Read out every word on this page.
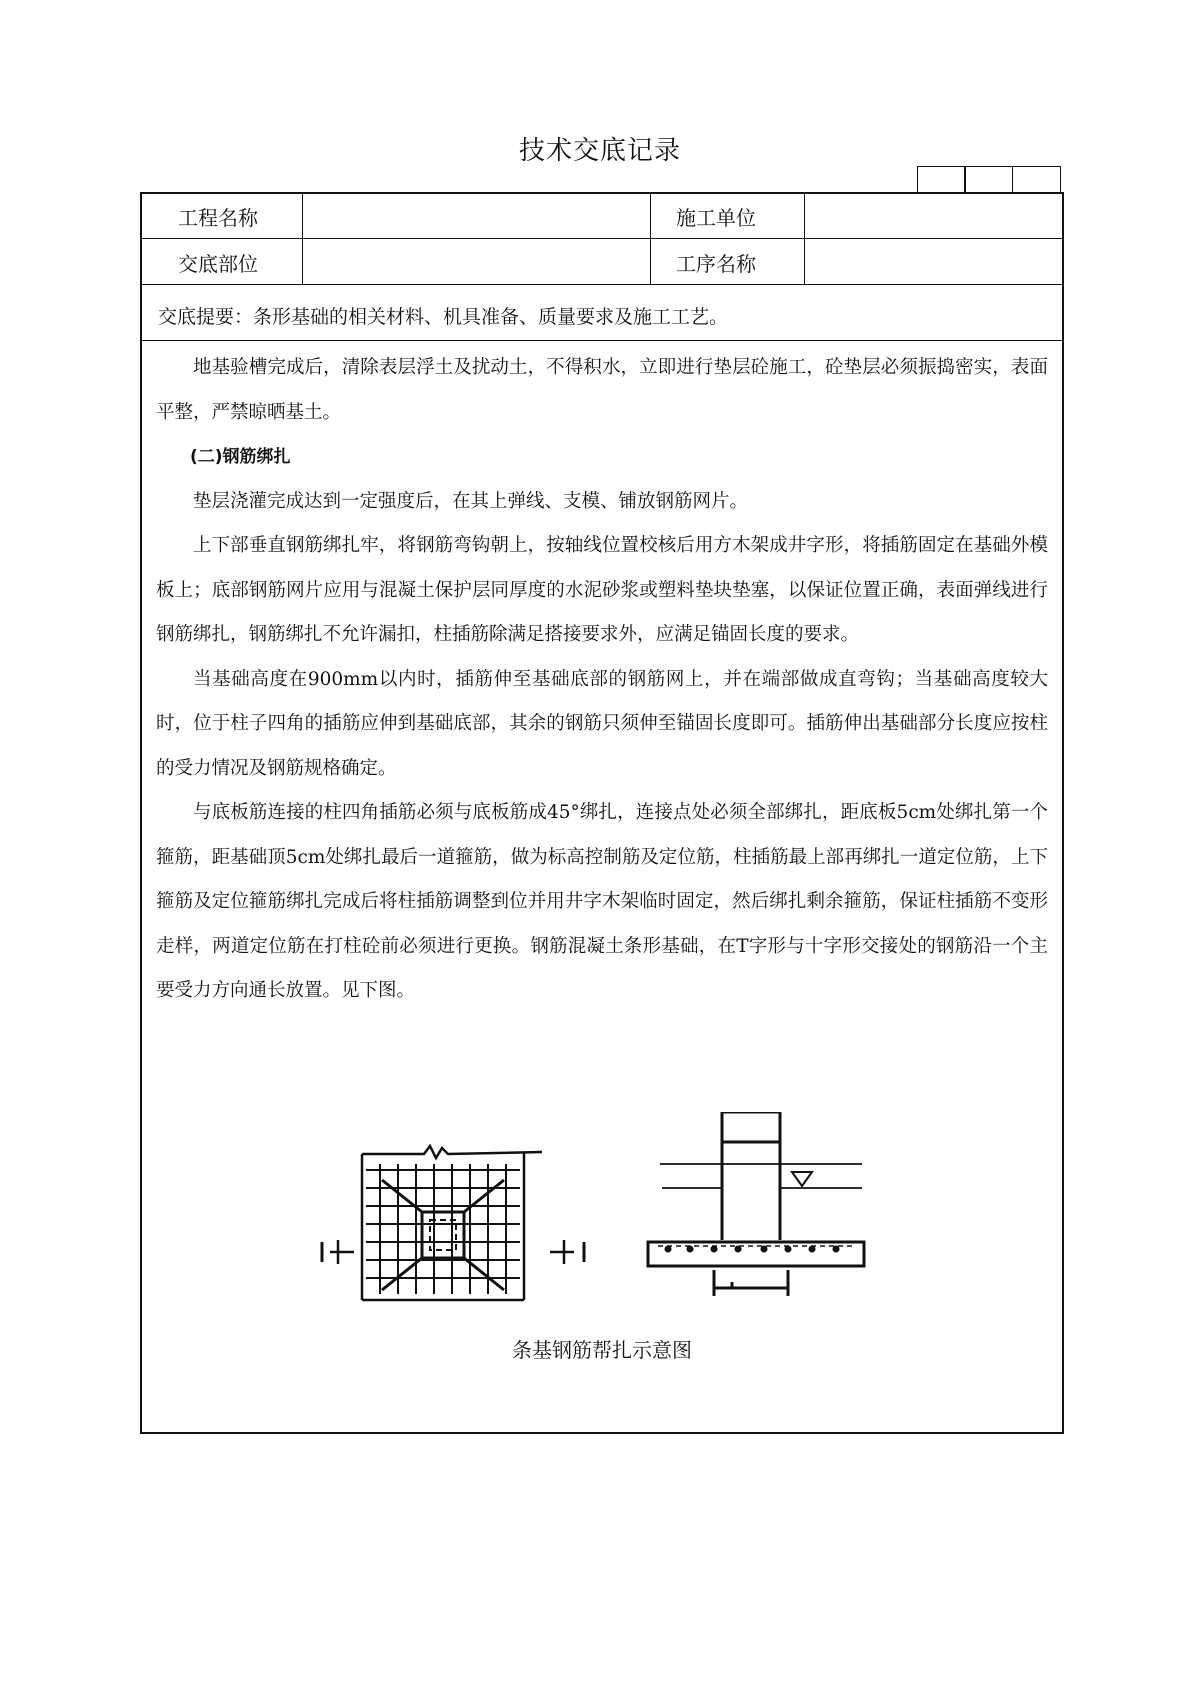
技术交底记录
工程名称	施工单位
交底部位	工序名称
交底提要：条形基础的相关材料、机具准备、质量要求及施工工艺。

地基验槽完成后，清除表层浮土及扰动土，不得积水，立即进行垫层砼施工，砼垫层必须振捣密实，表面平整，严禁晾晒基土。

(二)钢筋绑扎

垫层浇灌完成达到一定强度后，在其上弹线、支模、铺放钢筋网片。

上下部垂直钢筋绑扎牢，将钢筋弯钩朝上，按轴线位置校核后用方木架成井字形，将插筋固定在基础外模板上；底部钢筋网片应用与混凝土保护层同厚度的水泥砂浆或塑料垫块垫塞，以保证位置正确，表面弹线进行钢筋绑扎，钢筋绑扎不允许漏扣，柱插筋除满足搭接要求外，应满足锚固长度的要求。

当基础高度在900mm以内时，插筋伸至基础底部的钢筋网上，并在端部做成直弯钩；当基础高度较大时，位于柱子四角的插筋应伸到基础底部，其余的钢筋只须伸至锚固长度即可。插筋伸出基础部分长度应按柱的受力情况及钢筋规格确定。

与底板筋连接的柱四角插筋必须与底板筋成45°绑扎，连接点处必须全部绑扎，距底板5cm处绑扎第一个箍筋，距基础顶5cm处绑扎最后一道箍筋，做为标高控制筋及定位筋，柱插筋最上部再绑扎一道定位筋，上下箍筋及定位箍筋绑扎完成后将柱插筋调整到位并用井字木架临时固定，然后绑扎剩余箍筋，保证柱插筋不变形走样，两道定位筋在打柱砼前必须进行更换。钢筋混凝土条形基础，在T字形与十字形交接处的钢筋沿一个主要受力方向通长放置。见下图。

1	1
条基钢筋帮扎示意图
